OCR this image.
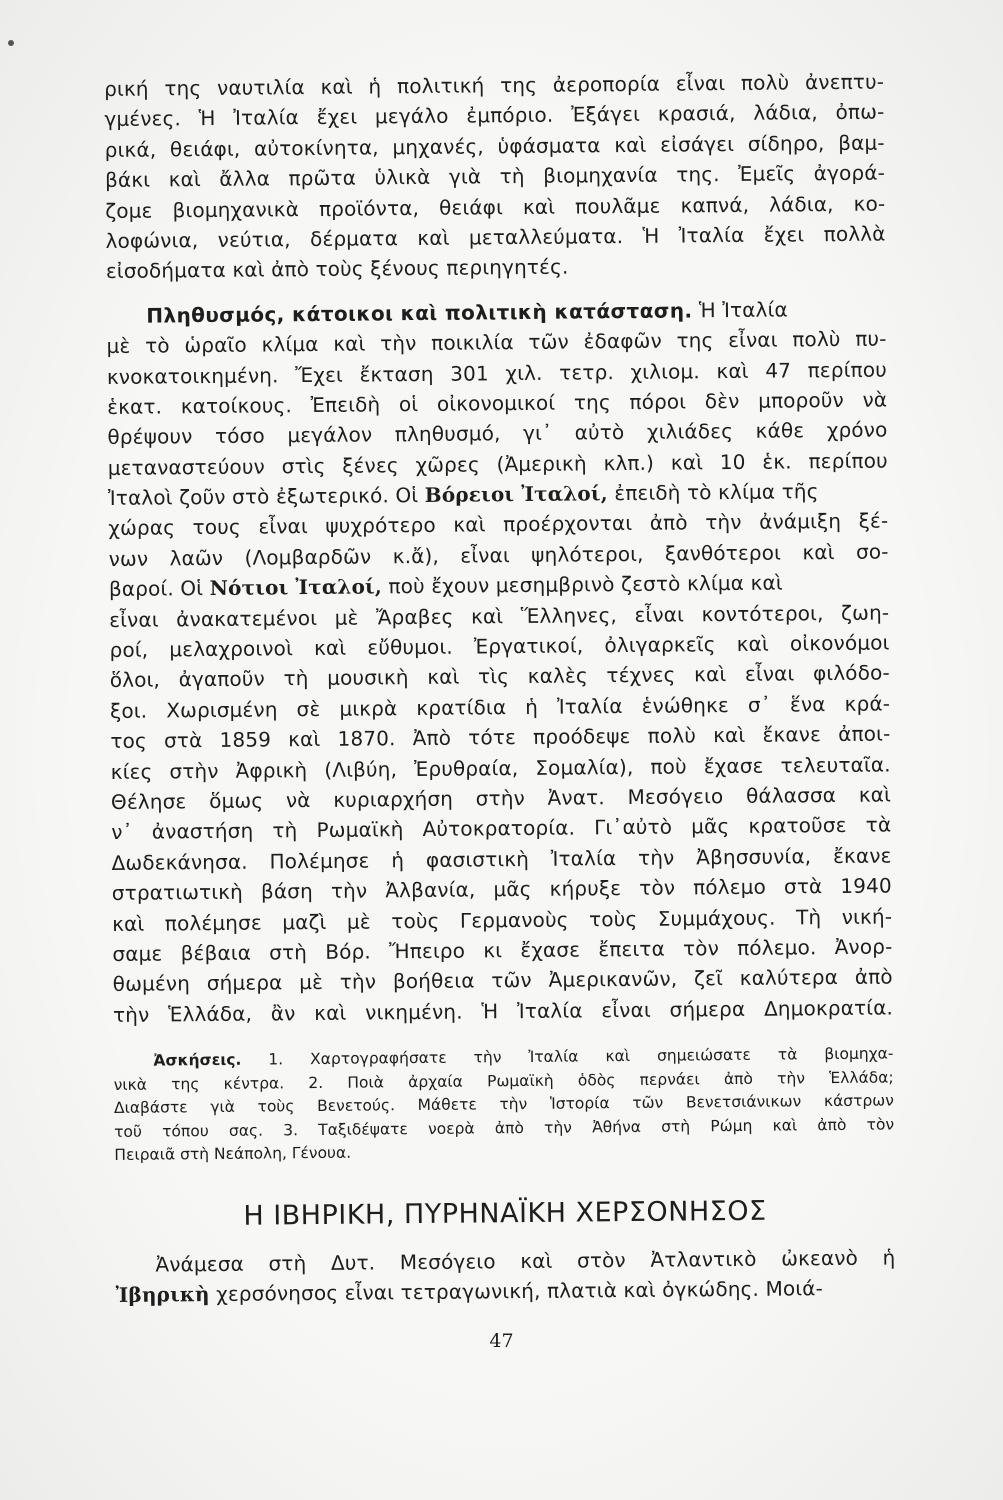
ρική της ναυτιλία καὶ ἡ πολιτική της ἀεροπορία εἶναι πολὺ ἀνεπτυ-
γμένες. Ἡ Ἰταλία ἔχει μεγάλο ἐμπόριο. Ἐξάγει κρασιά, λάδια, ὀπω-
ρικά, θειάφι, αὐτοκίνητα, μηχανές, ὑφάσματα καὶ εἰσάγει σίδηρο, βαμ-
βάκι καὶ ἄλλα πρῶτα ὑλικὰ γιὰ τὴ βιομηχανία της. Ἐμεῖς ἀγορά-
ζομε βιομηχανικὰ προϊόντα, θειάφι καὶ πουλᾶμε καπνά, λάδια, κο-
λοφώνια, νεύτια, δέρματα καὶ μεταλλεύματα. Ἡ Ἰταλία ἔχει πολλὰ
εἰσοδήματα καὶ ἀπὸ τοὺς ξένους περιηγητές.
Πληθυσμός, κάτοικοι καὶ πολιτικὴ κατάσταση. Ἡ Ἰταλία
μὲ τὸ ὡραῖο κλίμα καὶ τὴν ποικιλία τῶν ἐδαφῶν της εἶναι πολὺ πυ-
κνοκατοικημένη. Ἔχει ἔκταση 301 χιλ. τετρ. χιλιομ. καὶ 47 περίπου
ἑκατ. κατοίκους. Ἐπειδὴ οἱ οἰκονομικοί της πόροι δὲν μποροῦν νὰ
θρέψουν τόσο μεγάλον πληθυσμό, γι᾽ αὐτὸ χιλιάδες κάθε χρόνο
μεταναστεύουν στὶς ξένες χῶρες (Ἀμερικὴ κλπ.) καὶ 10 ἑκ. περίπου
Ἰταλοὶ ζοῦν στὸ ἐξωτερικό. Οἱ Βόρειοι Ἰταλοί, ἐπειδὴ τὸ κλίμα τῆς
χώρας τους εἶναι ψυχρότερο καὶ προέρχονται ἀπὸ τὴν ἀνάμιξη ξέ-
νων λαῶν (Λομβαρδῶν κ.ἄ), εἶναι ψηλότεροι, ξανθότεροι καὶ σο-
βαροί. Οἱ Νότιοι Ἰταλοί, ποὺ ἔχουν μεσημβρινὸ ζεστὸ κλίμα καὶ
εἶναι ἀνακατεμένοι μὲ Ἄραβες καὶ Ἕλληνες, εἶναι κοντότεροι, ζωη-
ροί, μελαχροινοὶ καὶ εὔθυμοι. Ἐργατικοί, ὀλιγαρκεῖς καὶ οἰκονόμοι
ὅλοι, ἀγαποῦν τὴ μουσικὴ καὶ τὶς καλὲς τέχνες καὶ εἶναι φιλόδο-
ξοι. Χωρισμένη σὲ μικρὰ κρατίδια ἡ Ἰταλία ἑνώθηκε σ᾽ ἕνα κρά-
τος στὰ 1859 καὶ 1870. Ἀπὸ τότε προόδεψε πολὺ καὶ ἔκανε ἀποι-
κίες στὴν Ἀφρικὴ (Λιβύη, Ἐρυθραία, Σομαλία), ποὺ ἔχασε τελευταῖα.
Θέλησε ὅμως νὰ κυριαρχήση στὴν Ἀνατ. Μεσόγειο θάλασσα καὶ
ν᾽ ἀναστήση τὴ Ρωμαϊκὴ Αὐτοκρατορία. Γι᾽αὐτὸ μᾶς κρατοῦσε τὰ
Δωδεκάνησα. Πολέμησε ἡ φασιστικὴ Ἰταλία τὴν Ἀβησσυνία, ἔκανε
στρατιωτικὴ βάση τὴν Ἀλβανία, μᾶς κήρυξε τὸν πόλεμο στὰ 1940
καὶ πολέμησε μαζὶ μὲ τοὺς Γερμανοὺς τοὺς Συμμάχους. Τὴ νική-
σαμε βέβαια στὴ Βόρ. Ἤπειρο κι ἔχασε ἔπειτα τὸν πόλεμο. Ἀνορ-
θωμένη σήμερα μὲ τὴν βοήθεια τῶν Ἀμερικανῶν, ζεῖ καλύτερα ἀπὸ
τὴν Ἑλλάδα, ἂν καὶ νικημένη. Ἡ Ἰταλία εἶναι σήμερα Δημοκρατία.
Ἀσκήσεις. 1. Χαρτογραφήσατε τὴν Ἰταλία καὶ σημειώσατε τὰ βιομηχα-
νικὰ της κέντρα. 2. Ποιὰ ἀρχαία Ρωμαϊκὴ ὁδὸς περνάει ἀπὸ τὴν Ἑλλάδα;
Διαβάστε γιὰ τοὺς Βενετούς. Μάθετε τὴν Ἱστορία τῶν Βενετσιάνικων κάστρων
τοῦ τόπου σας. 3. Ταξιδέψατε νοερὰ ἀπὸ τὴν Ἀθήνα στὴ Ρώμη καὶ ἀπὸ τὸν
Πειραιᾶ στὴ Νεάπολη, Γένουα.
Η ΙΒΗΡΙΚΗ, ΠΥΡΗΝΑΪΚΗ ΧΕΡΣΟΝΗΣΟΣ
Ἀνάμεσα στὴ Δυτ. Μεσόγειο καὶ στὸν Ἀτλαντικὸ ὠκεανὸ ἡ
Ἰβηρικὴ χερσόνησος εἶναι τετραγωνική, πλατιὰ καὶ ὀγκώδης. Μοιά-
47
